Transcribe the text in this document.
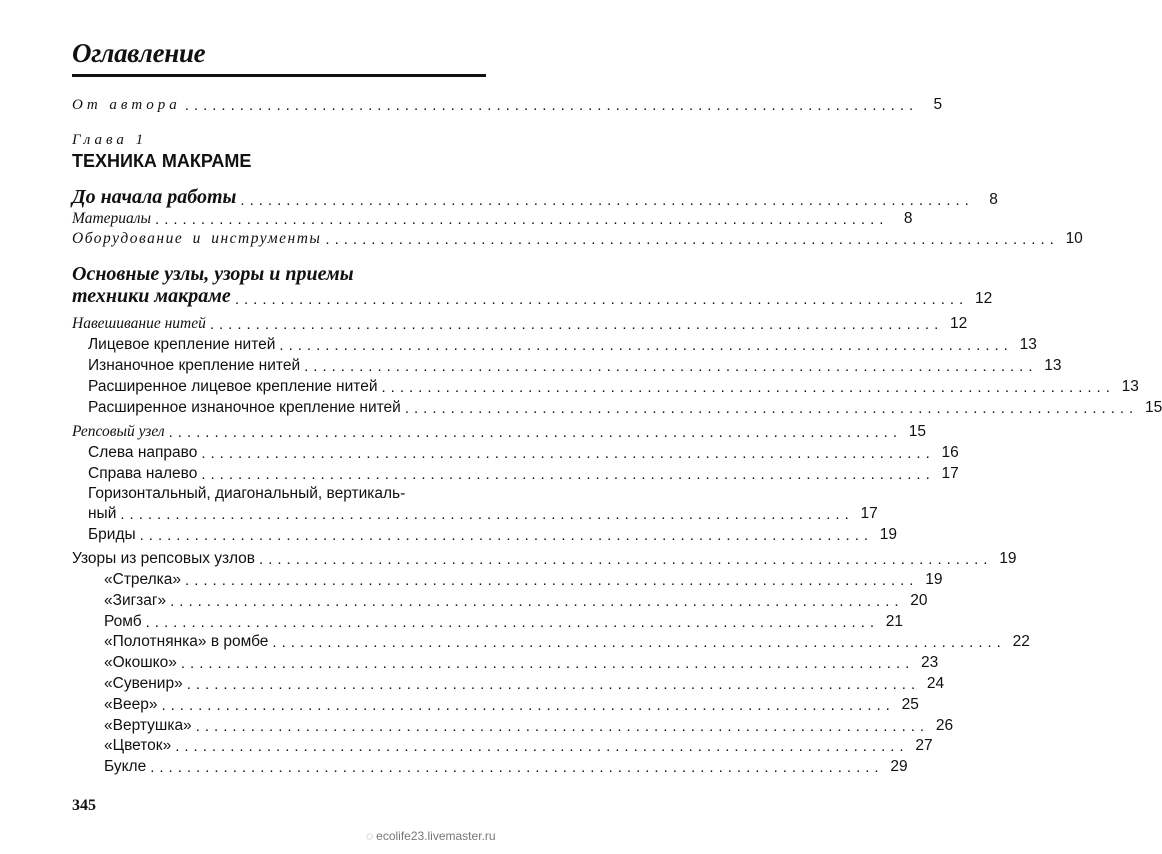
Оглавление
От автора ................................................................................ 5
Глава 1
ТЕХНИКА МАКРАМЕ
До начала работы ................................................................................ 8
Материалы ................................................................................ 8
Оборудование и инструменты ................................................................................ 10
Основные узлы, узоры и приемы
техники макраме ................................................................................ 12
Навешивание нитей ................................................................................ 12
Лицевое крепление нитей ................................................................................ 13
Изнаночное крепление нитей ................................................................................ 13
Расширенное лицевое крепление нитей ................................................................................ 13
Расширенное изнаночное крепление нитей ................................................................................ 15
Репсовый узел ................................................................................ 15
Слева направо ................................................................................ 16
Справа налево ................................................................................ 17
Горизонтальный, диагональный, вертикаль-
ный ................................................................................ 17
Бриды ................................................................................ 19
Узоры из репсовых узлов ................................................................................ 19
«Стрелка» ................................................................................ 19
«Зигзаг» ................................................................................ 20
Ромб ................................................................................ 21
«Полотнянка» в ромбе ................................................................................ 22
«Окошко» ................................................................................ 23
«Сувенир» ................................................................................ 24
«Веер» ................................................................................ 25
«Вертушка» ................................................................................ 26
«Цветок» ................................................................................ 27
Букле ................................................................................ 29
345
◌ ecolife23.livemaster.ru
